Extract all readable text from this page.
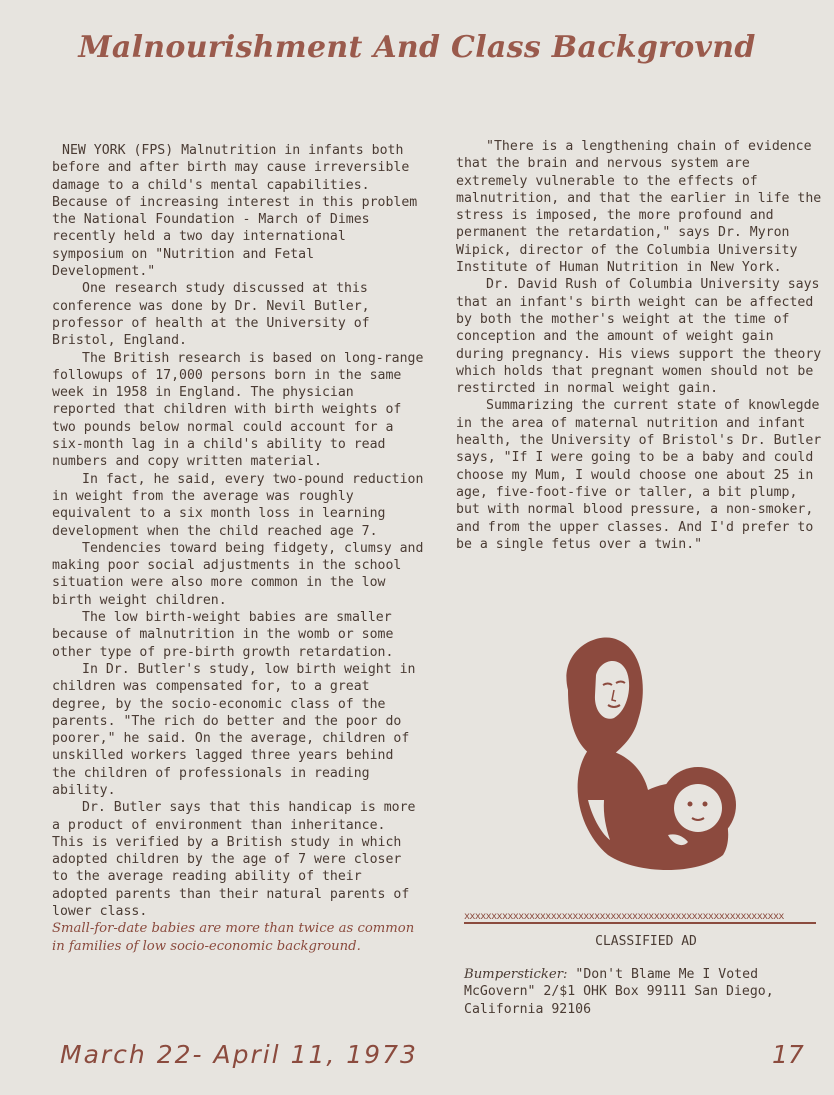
Malnourishment And Class Backgrovnd

NEW YORK (FPS) Malnutrition in infants both before and after birth may cause irreversible damage to a child's mental capabilities. Because of increasing interest in this problem the National Foundation - March of Dimes recently held a two day international symposium on "Nutrition and Fetal Development."

One research study discussed at this conference was done by Dr. Nevil Butler, professor of health at the University of Bristol, England.

The British research is based on long-range followups of 17,000 persons born in the same week in 1958 in England. The physician reported that children with birth weights of two pounds below normal could account for a six-month lag in a child's ability to read numbers and copy written material.

In fact, he said, every two-pound reduction in weight from the average was roughly equivalent to a six month loss in learning development when the child reached age 7.

Tendencies toward being fidgety, clumsy and making poor social adjustments in the school situation were also more common in the low birth weight children.

The low birth-weight babies are smaller because of malnutrition in the womb or some other type of pre-birth growth retardation.

In Dr. Butler's study, low birth weight in children was compensated for, to a great degree, by the socio-economic class of the parents. "The rich do better and the poor do poorer," he said. On the average, children of unskilled workers lagged three years behind the children of professionals in reading ability.

Dr. Butler says that this handicap is more a product of environment than inheritance. This is verified by a British study in which adopted children by the age of 7 were closer to the average reading ability of their adopted parents than their natural parents of lower class.

Small-for-date babies are more than twice as common in families of low socio-economic background.

"There is a lengthening chain of evidence that the brain and nervous system are extremely vulnerable to the effects of malnutrition, and that the earlier in life the stress is imposed, the more profound and permanent the retardation," says Dr. Myron Wipick, director of the Columbia University Institute of Human Nutrition in New York.

Dr. David Rush of Columbia University says that an infant's birth weight can be affected by both the mother's weight at the time of conception and the amount of weight gain during pregnancy. His views support the theory which holds that pregnant women should not be restircted in normal weight gain.

Summarizing the current state of knowlegde in the area of maternal nutrition and infant health, the University of Bristol's Dr. Butler says, "If I were going to be a baby and could choose my Mum, I would choose one about 25 in age, five-foot-five or taller, a bit plump, but with normal blood pressure, a non-smoker, and from the upper classes. And I'd prefer to be a single fetus over a twin."

xxxxxxxxxxxxxxxxxxxxxxxxxxxxxxxxxxxxxxxxxxxxxxxxxxxxxxxxxxx
CLASSIFIED AD
Bumpersticker: "Don't Blame Me I Voted McGovern" 2/$1 OHK Box 99111 San Diego, California 92106
March 22- April 11, 1973	17
